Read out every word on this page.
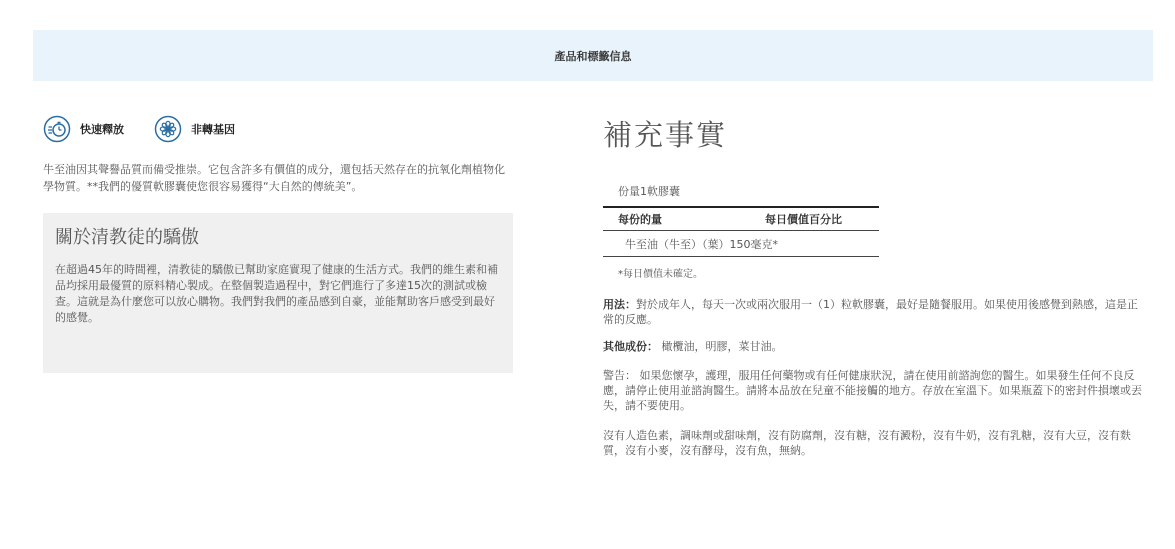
產品和標籤信息
快速釋放	非轉基因

牛至油因其聲譽品質而備受推崇。它包含許多有價值的成分，還包括天然存在的抗氧化劑植物化學物質。**我們的優質軟膠囊使您很容易獲得“大自然的傳統美”。

關於清教徒的驕傲

在超過45年的時間裡，清教徒的驕傲已幫助家庭實現了健康的生活方式。我們的維生素和補品均採用最優質的原料精心製成。在整個製造過程中，對它們進行了多達15次的測試或檢查。這就是為什麼您可以放心購物。我們對我們的產品感到自豪，並能幫助客戶感受到最好的感覺。

補充事實
份量1軟膠囊
每份的量	每日價值百分比
牛至油（牛至）（葉）150毫克*
*每日價值未確定。

用法：對於成年人，每天一次或兩次服用一（1）粒軟膠囊，最好是隨餐服用。如果使用後感覺到熱感，這是正常的反應。

其他成份： 橄欖油，明膠，菜甘油。

警告： 如果您懷孕，護理，服用任何藥物或有任何健康狀況，請在使用前諮詢您的醫生。如果發生任何不良反應，請停止使用並諮詢醫生。請將本品放在兒童不能接觸的地方。存放在室溫下。如果瓶蓋下的密封件損壞或丟失，請不要使用。

沒有人造色素，調味劑或甜味劑，沒有防腐劑，沒有糖，沒有澱粉，沒有牛奶，沒有乳糖，沒有大豆，沒有麩質，沒有小麥，沒有酵母，沒有魚，無納。
